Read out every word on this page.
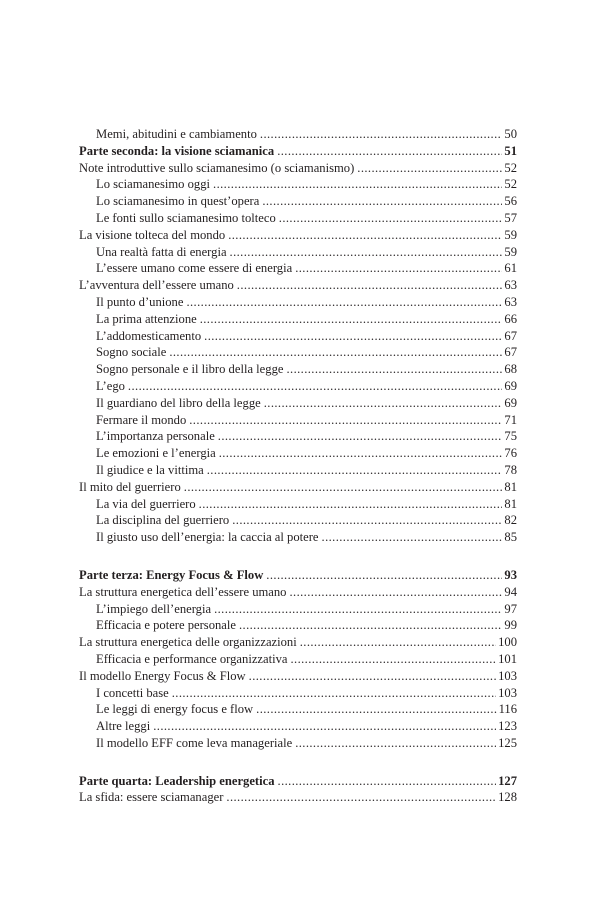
Memi, abitudini e cambiamento .....	50
Parte seconda: la visione sciamanica .....	51
Note introduttive sullo sciamanesimo (o sciamanismo) .....	52
Lo sciamanesimo oggi .....	52
Lo sciamanesimo in quest’opera .....	56
Le fonti sullo sciamanesimo tolteco .....	57
La visione tolteca del mondo .....	59
Una realtà fatta di energia .....	59
L’essere umano come essere di energia .....	61
L’avventura dell’essere umano .....	63
Il punto d’unione .....	63
La prima attenzione .....	66
L’addomesticamento .....	67
Sogno sociale .....	67
Sogno personale e il libro della legge .....	68
L’ego .....	69
Il guardiano del libro della legge .....	69
Fermare il mondo .....	71
L’importanza personale .....	75
Le emozioni e l’energia .....	76
Il giudice e la vittima .....	78
Il mito del guerriero .....	81
La via del guerriero .....	81
La disciplina del guerriero .....	82
Il giusto uso dell’energia: la caccia al potere .....	85
Parte terza: Energy Focus & Flow .....	93
La struttura energetica dell’essere umano .....	94
L’impiego dell’energia .....	97
Efficacia e potere personale .....	99
La struttura energetica delle organizzazioni .....	100
Efficacia e performance organizzativa .....	101
Il modello Energy Focus & Flow .....	103
I concetti base .....	103
Le leggi di energy focus e flow .....	116
Altre leggi .....	123
Il modello EFF come leva manageriale .....	125
Parte quarta: Leadership energetica .....	127
La sfida: essere sciamanager .....	128
